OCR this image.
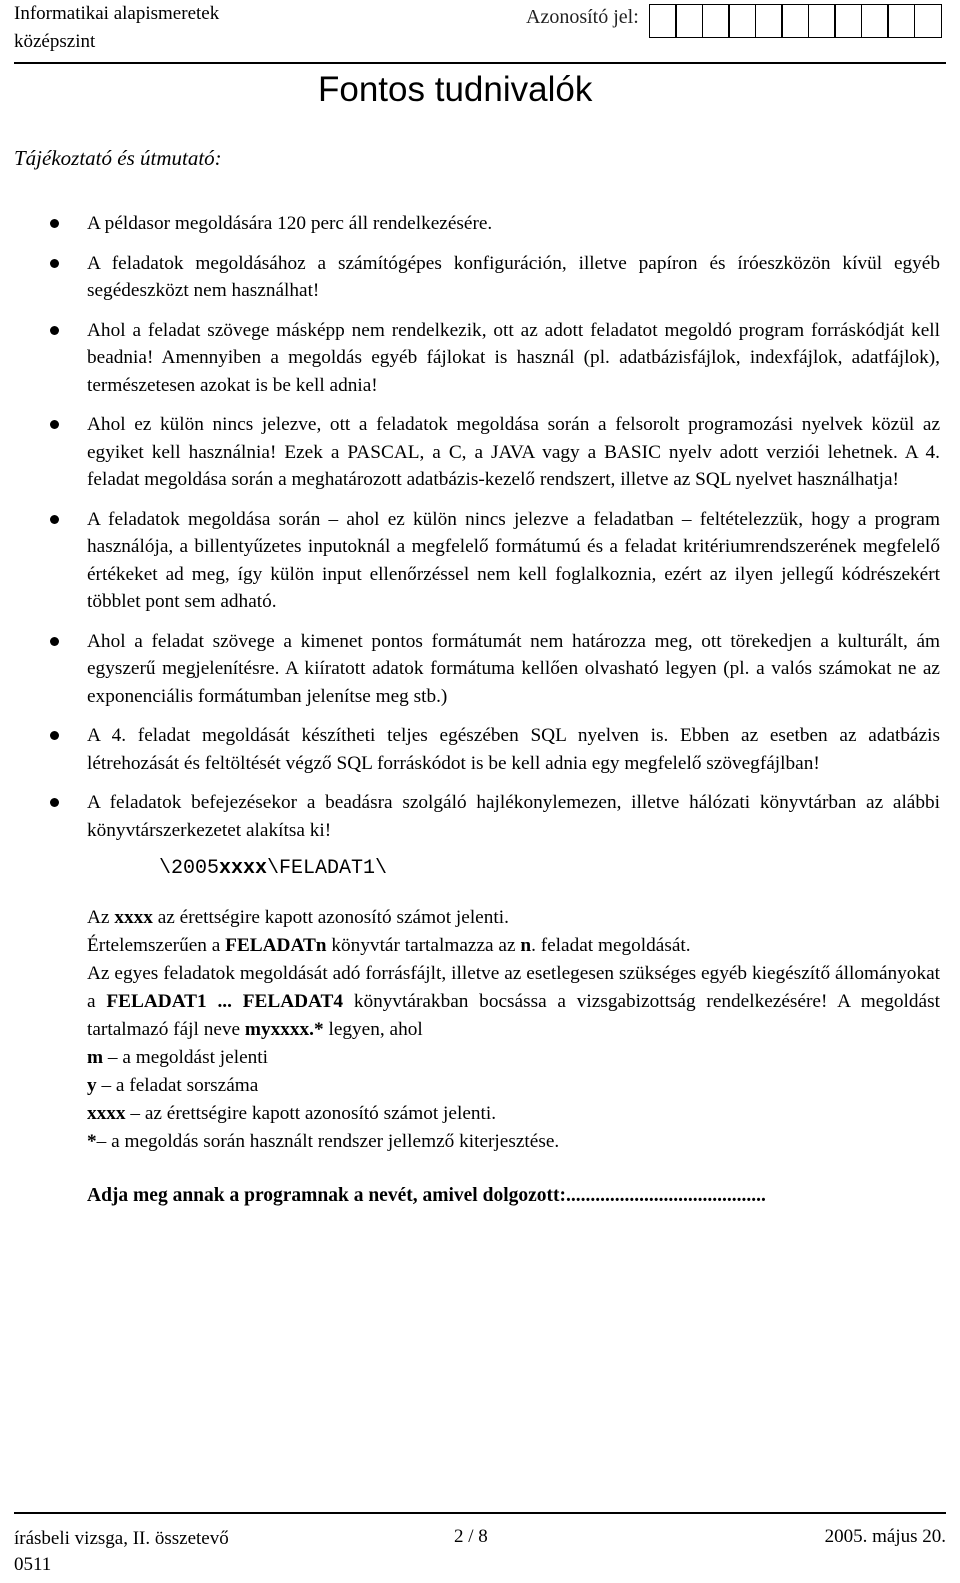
Informatikai alapismeretek
középszint
Azonosító jel:
Fontos tudnivalók
Tájékoztató és útmutató:
A példasor megoldására 120 perc áll rendelkezésére.
A feladatok megoldásához a számítógépes konfiguráción, illetve papíron és íróeszközön kívül egyéb segédeszközt nem használhat!
Ahol a feladat szövege másképp nem rendelkezik, ott az adott feladatot megoldó program forráskódját kell beadnia! Amennyiben a megoldás egyéb fájlokat is használ (pl. adatbázisfájlok, indexfájlok, adatfájlok), természetesen azokat is be kell adnia!
Ahol ez külön nincs jelezve, ott a feladatok megoldása során a felsorolt programozási nyelvek közül az egyiket kell használnia! Ezek a PASCAL, a C, a JAVA vagy a BASIC nyelv adott verziói lehetnek. A 4. feladat megoldása során a meghatározott adatbázis-kezelő rendszert, illetve az SQL nyelvet használhatja!
A feladatok megoldása során – ahol ez külön nincs jelezve a feladatban – feltételezzük, hogy a program használója, a billentyűzetes inputoknál a megfelelő formátumú és a feladat kritériumrendszerének megfelelő értékeket ad meg, így külön input ellenőrzéssel nem kell foglalkoznia, ezért az ilyen jellegű kódrészekért többlet pont sem adható.
Ahol a feladat szövege a kimenet pontos formátumát nem határozza meg, ott törekedjen a kulturált, ám egyszerű megjelenítésre. A kiíratott adatok formátuma kellően olvasható legyen (pl. a valós számokat ne az exponenciális formátumban jelenítse meg stb.)
A 4. feladat megoldását készítheti teljes egészében SQL nyelven is. Ebben az esetben az adatbázis létrehozását és feltöltését végző SQL forráskódot is be kell adnia egy megfelelő szövegfájlban!
A feladatok befejezésekor a beadásra szolgáló hajlékonylemezen, illetve hálózati könyvtárban az alábbi könyvtárszerkezetet alakítsa ki!
\2005xxxx\FELADAT1\
Az xxxx az érettségire kapott azonosító számot jelenti.
Értelemszerűen a FELADATn könyvtár tartalmazza az n. feladat megoldását.
Az egyes feladatok megoldását adó forrásfájlt, illetve az esetlegesen szükséges egyéb kiegészítő állományokat a FELADAT1 ... FELADAT4 könyvtárakban bocsássa a vizsgabizottság rendelkezésére! A megoldást tartalmazó fájl neve myxxxx.* legyen, ahol
m – a megoldást jelenti
y – a feladat sorszáma
xxxx – az érettségire kapott azonosító számot jelenti.
*– a megoldás során használt rendszer jellemző kiterjesztése.
Adja meg annak a programnak a nevét, amivel dolgozott:.........................................
írásbeli vizsga, II. összetevő
0511
2 / 8	2005. május 20.
